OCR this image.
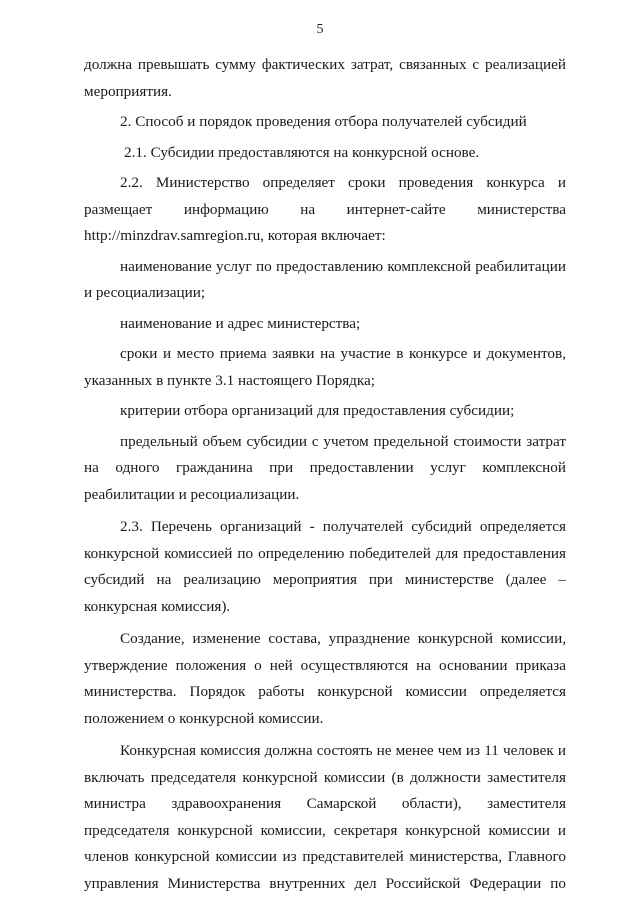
5

должна превышать сумму фактических затрат, связанных с реализацией мероприятия.

2. Способ и порядок проведения отбора получателей субсидий

2.1. Субсидии предоставляются на конкурсной основе.

2.2. Министерство определяет сроки проведения конкурса и размещает информацию на интернет-сайте министерства http://minzdrav.samregion.ru, которая включает:

наименование услуг по предоставлению комплексной реабилитации и ресоциализации;

наименование и адрес министерства;

сроки и место приема заявки на участие в конкурсе и документов, указанных в пункте 3.1 настоящего Порядка;

критерии отбора организаций для предоставления субсидии;

предельный объем субсидии с учетом предельной стоимости затрат на одного гражданина при предоставлении услуг комплексной реабилитации и ресоциализации.

2.3. Перечень организаций - получателей субсидий определяется конкурсной комиссией по определению победителей для предоставления субсидий на реализацию мероприятия при министерстве (далее – конкурсная комиссия).

Создание, изменение состава, упразднение конкурсной комиссии, утверждение положения о ней осуществляются на основании приказа министерства. Порядок работы конкурсной комиссии определяется положением о конкурсной комиссии.

Конкурсная комиссия должна состоять не менее чем из 11 человек и включать председателя конкурсной комиссии (в должности заместителя министра здравоохранения Самарской области), заместителя председателя конкурсной комиссии, секретаря конкурсной комиссии и членов конкурсной комиссии из представителей министерства, Главного управления Министерства внутренних дел Российской Федерации по
